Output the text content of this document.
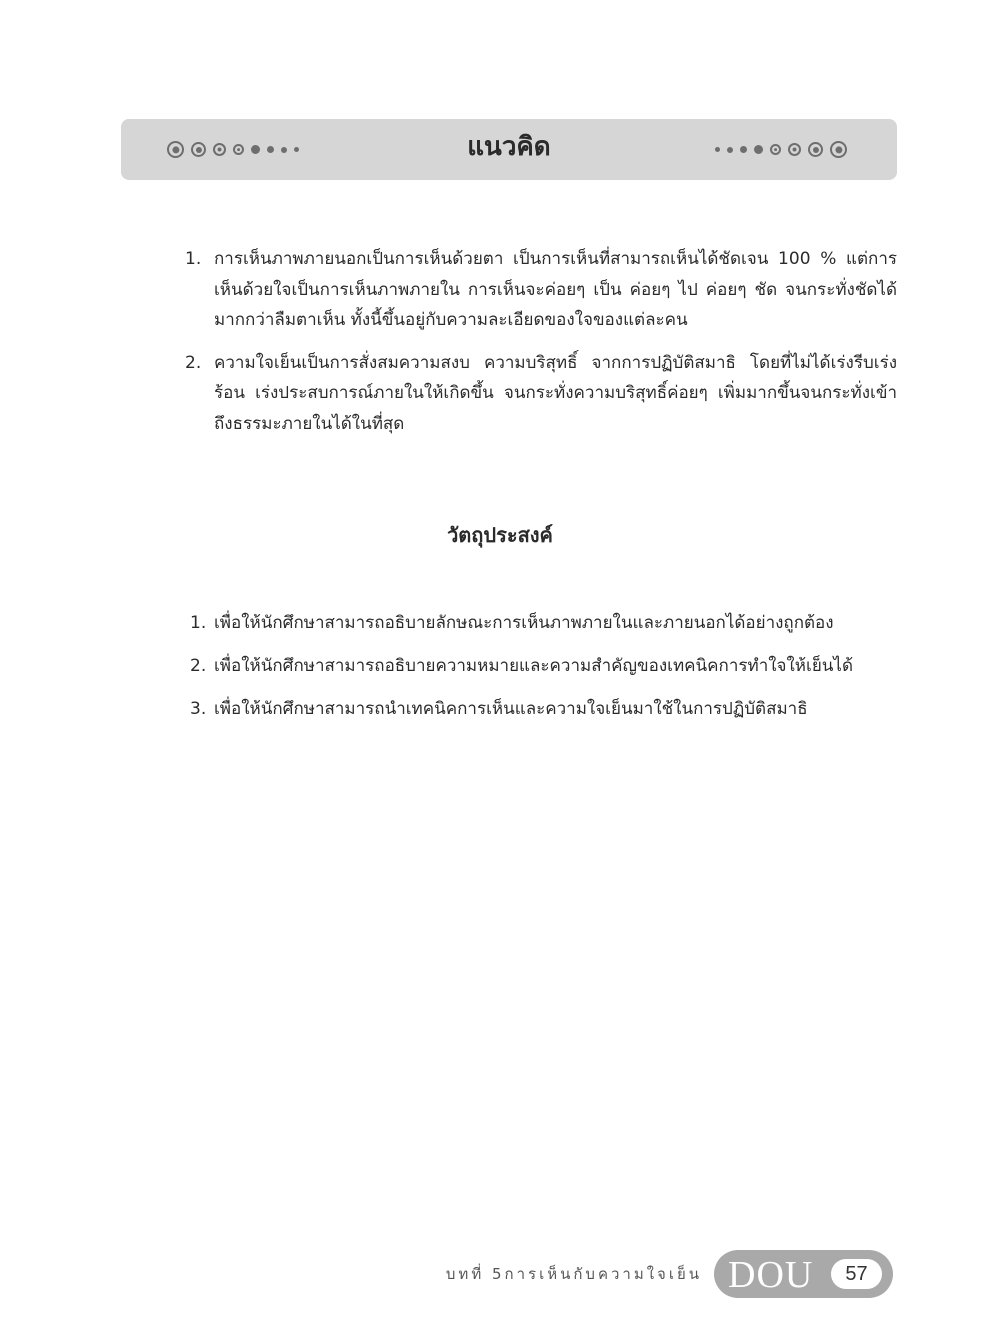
แนวคิด
1. การเห็นภาพภายนอกเป็นการเห็นด้วยตา เป็นการเห็นที่สามารถเห็นได้ชัดเจน 100 % แต่การเห็นด้วยใจเป็นการเห็นภาพภายใน การเห็นจะค่อยๆ เป็น ค่อยๆ ไป ค่อยๆ ชัด จนกระทั่งชัดได้มากกว่าลืมตาเห็น ทั้งนี้ขึ้นอยู่กับความละเอียดของใจของแต่ละคน
2. ความใจเย็นเป็นการสั่งสมความสงบ ความบริสุทธิ์ จากการปฏิบัติสมาธิ โดยที่ไม่ได้เร่งรีบเร่งร้อน เร่งประสบการณ์ภายในให้เกิดขึ้น จนกระทั่งความบริสุทธิ์ค่อยๆ เพิ่มมากขึ้นจนกระทั่งเข้าถึงธรรมะภายในได้ในที่สุด
วัตถุประสงค์
1. เพื่อให้นักศึกษาสามารถอธิบายลักษณะการเห็นภาพภายในและภายนอกได้อย่างถูกต้อง
2. เพื่อให้นักศึกษาสามารถอธิบายความหมายและความสำคัญของเทคนิคการทำใจให้เย็นได้
3. เพื่อให้นักศึกษาสามารถนำเทคนิคการเห็นและความใจเย็นมาใช้ในการปฏิบัติสมาธิ
บทที่ 5การเห็นกับความใจเย็น DOU	57
